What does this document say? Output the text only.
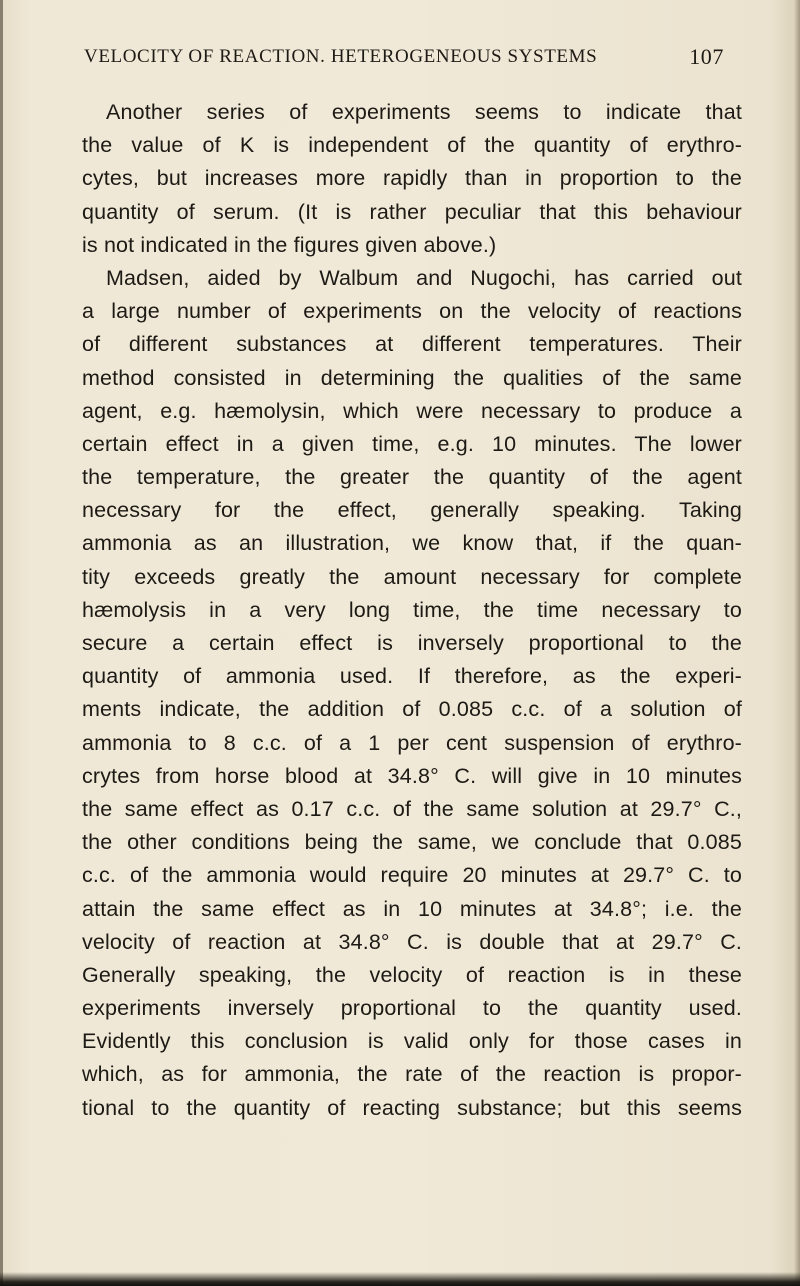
VELOCITY OF REACTION. HETEROGENEOUS SYSTEMS	107
Another series of experiments seems to indicate that
the value of K is independent of the quantity of erythro-
cytes, but increases more rapidly than in proportion to the
quantity of serum. (It is rather peculiar that this behaviour
is not indicated in the figures given above.)
Madsen, aided by Walbum and Nugochi, has carried out
a large number of experiments on the velocity of reactions
of different substances at different temperatures. Their
method consisted in determining the qualities of the same
agent, e.g. hæmolysin, which were necessary to produce a
certain effect in a given time, e.g. 10 minutes. The lower
the temperature, the greater the quantity of the agent
necessary for the effect, generally speaking. Taking
ammonia as an illustration, we know that, if the quan-
tity exceeds greatly the amount necessary for complete
hæmolysis in a very long time, the time necessary to
secure a certain effect is inversely proportional to the
quantity of ammonia used. If therefore, as the experi-
ments indicate, the addition of 0.085 c.c. of a solution of
ammonia to 8 c.c. of a 1 per cent suspension of erythro-
crytes from horse blood at 34.8° C. will give in 10 minutes
the same effect as 0.17 c.c. of the same solution at 29.7° C.,
the other conditions being the same, we conclude that 0.085
c.c. of the ammonia would require 20 minutes at 29.7° C. to
attain the same effect as in 10 minutes at 34.8°; i.e. the
velocity of reaction at 34.8° C. is double that at 29.7° C.
Generally speaking, the velocity of reaction is in these
experiments inversely proportional to the quantity used.
Evidently this conclusion is valid only for those cases in
which, as for ammonia, the rate of the reaction is propor-
tional to the quantity of reacting substance; but this seems
